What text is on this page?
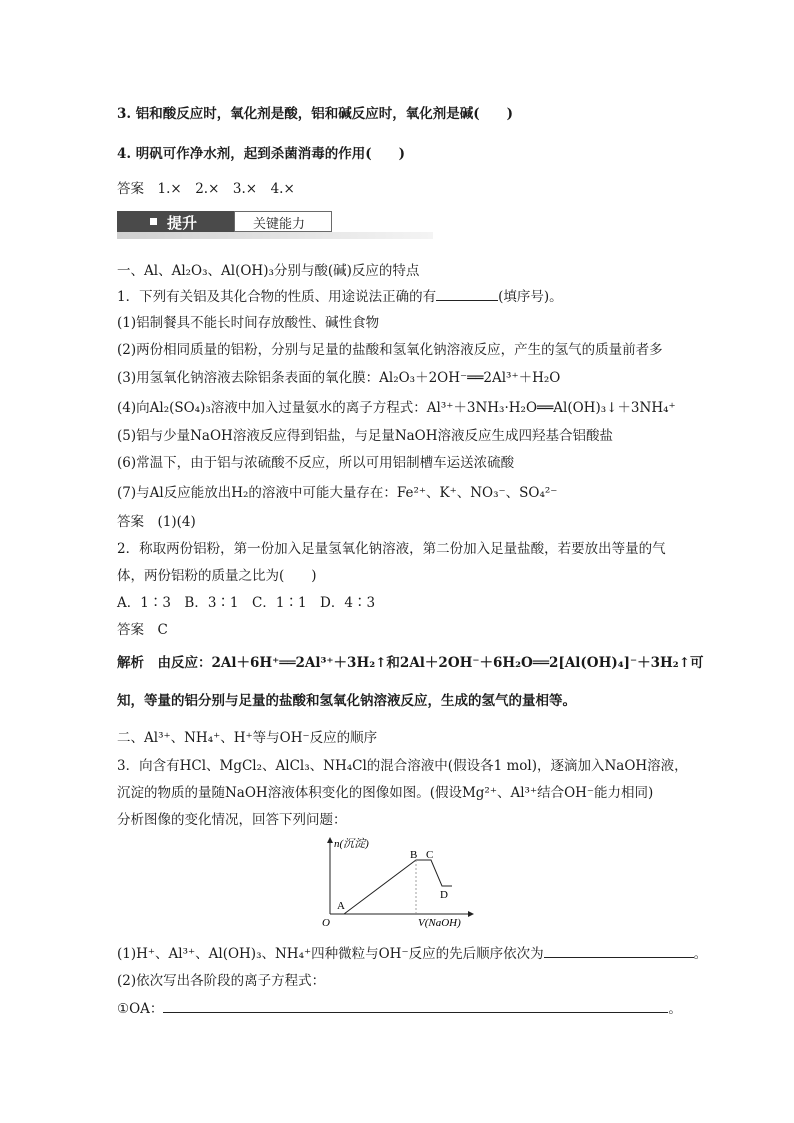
3. 铝和酸反应时，氧化剂是酸，铝和碱反应时，氧化剂是碱(　　)
4. 明矾可作净水剂，起到杀菌消毒的作用(　　)
答案　1.×　2.×　3.×　4.×
提升	关键能力
一、Al、Al₂O₃、Al(OH)₃分别与酸(碱)反应的特点
1．下列有关铝及其化合物的性质、用途说法正确的有	(填序号)。
(1)铝制餐具不能长时间存放酸性、碱性食物
(2)两份相同质量的铝粉，分别与足量的盐酸和氢氧化钠溶液反应，产生的氢气的质量前者多
(3)用氢氧化钠溶液去除铝条表面的氧化膜：Al₂O₃＋2OH⁻══2Al³⁺＋H₂O
(4)向Al₂(SO₄)₃溶液中加入过量氨水的离子方程式：Al³⁺＋3NH₃·H₂O══Al(OH)₃↓＋3NH₄⁺
(5)铝与少量NaOH溶液反应得到铝盐，与足量NaOH溶液反应生成四羟基合铝酸盐
(6)常温下，由于铝与浓硫酸不反应，所以可用铝制槽车运送浓硫酸
(7)与Al反应能放出H₂的溶液中可能大量存在：Fe²⁺、K⁺、NO₃⁻、SO₄²⁻
答案　(1)(4)
2．称取两份铝粉，第一份加入足量氢氧化钠溶液，第二份加入足量盐酸，若要放出等量的气
体，两份铝粉的质量之比为(　　)
A．1∶3　B．3∶1　C．1∶1　D．4∶3
答案　C
解析　由反应：2Al＋6H⁺══2Al³⁺＋3H₂↑和2Al＋2OH⁻＋6H₂O══2[Al(OH)₄]⁻＋3H₂↑可
知，等量的铝分别与足量的盐酸和氢氧化钠溶液反应，生成的氢气的量相等。
二、Al³⁺、NH₄⁺、H⁺等与OH⁻反应的顺序
3．向含有HCl、MgCl₂、AlCl₃、NH₄Cl的混合溶液中(假设各1 mol)，逐滴加入NaOH溶液，
沉淀的物质的量随NaOH溶液体积变化的图像如图。(假设Mg²⁺、Al³⁺结合OH⁻能力相同)
分析图像的变化情况，回答下列问题：
n(沉淀)
V(NaOH)
O
A
B C
D
(1)H⁺、Al³⁺、Al(OH)₃、NH₄⁺四种微粒与OH⁻反应的先后顺序依次为	。
(2)依次写出各阶段的离子方程式：
①OA：	。
